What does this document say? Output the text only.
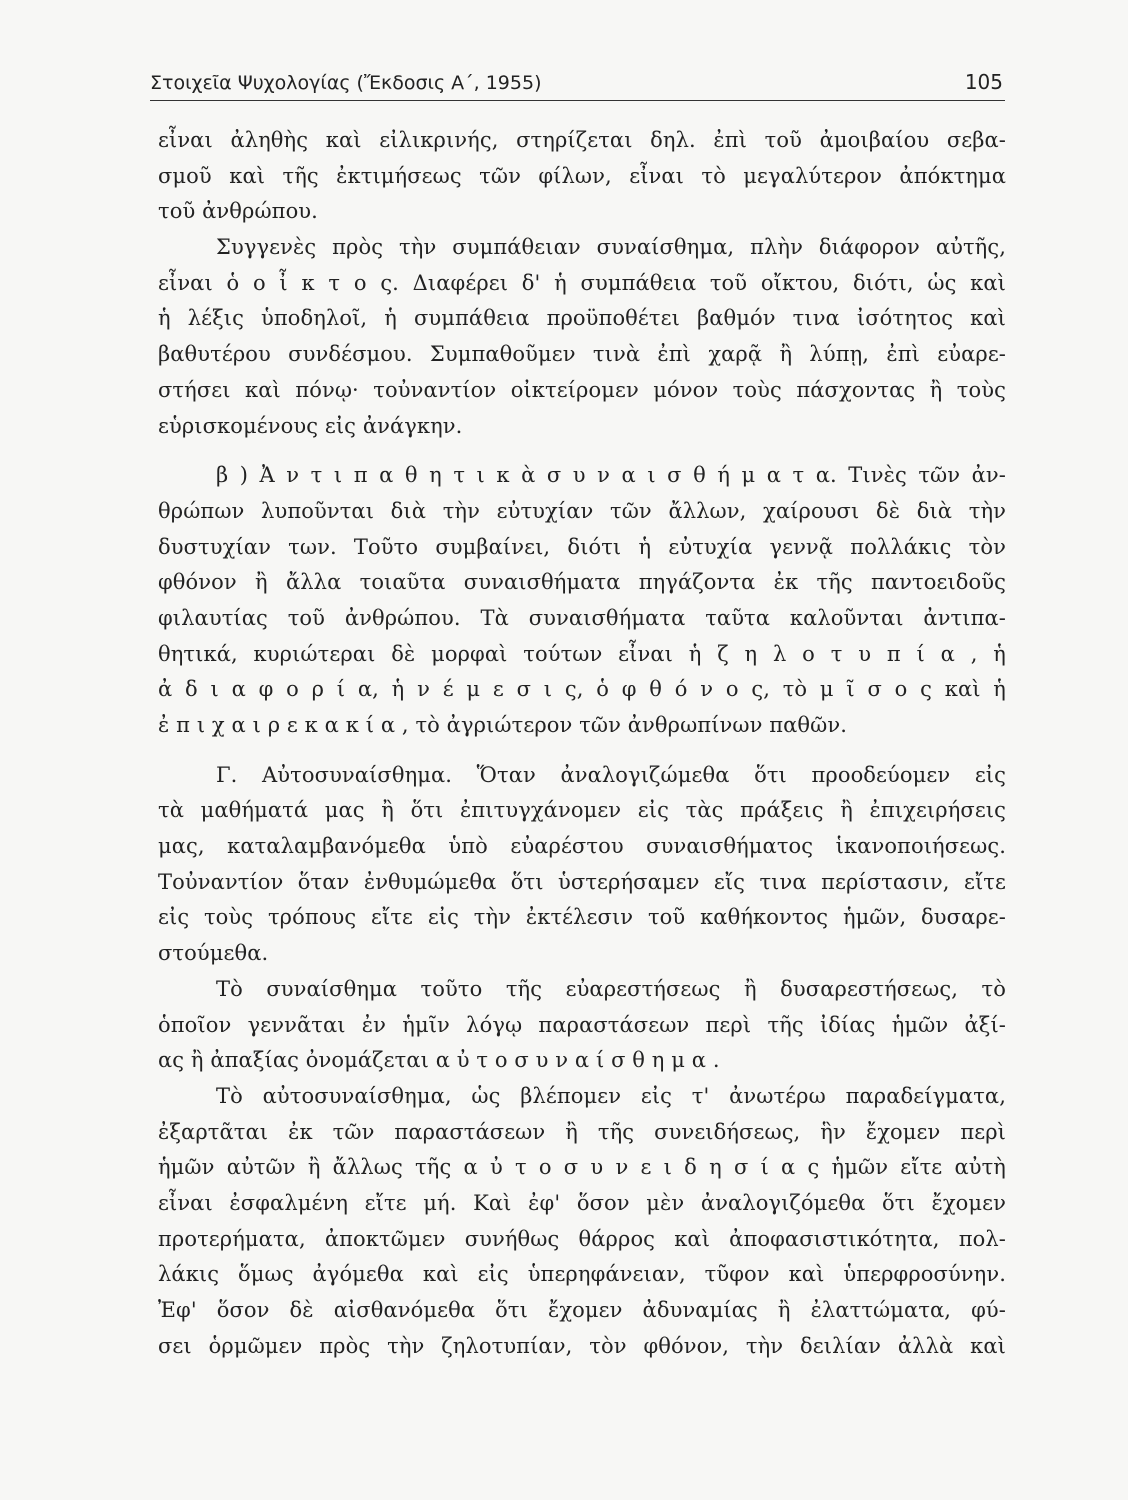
Στοιχεῖα Ψυχολογίας (Ἔκδοσις Α΄, 1955)	105
εἶναι ἀληθὴς καὶ εἰλικρινής, στηρίζεται δηλ. ἐπὶ τοῦ ἀμοιβαίου σεβα-
σμοῦ καὶ τῆς ἐκτιμήσεως τῶν φίλων, εἶναι τὸ μεγαλύτερον ἀπόκτημα
τοῦ ἀνθρώπου.
Συγγενὲς πρὸς τὴν συμπάθειαν συναίσθημα, πλὴν διάφορον αὐτῆς,
εἶναι ὁ ο ἶ κ τ ο ς. Διαφέρει δ' ἡ συμπάθεια τοῦ οἴκτου, διότι, ὡς καὶ
ἡ λέξις ὑποδηλοῖ, ἡ συμπάθεια προϋποθέτει βαθμόν τινα ἰσότητος καὶ
βαθυτέρου συνδέσμου. Συμπαθοῦμεν τινὰ ἐπὶ χαρᾷ ἢ λύπῃ, ἐπὶ εὐαρε-
στήσει καὶ πόνῳ· τοὐναντίον οἰκτείρομεν μόνον τοὺς πάσχοντας ἢ τοὺς
εὑρισκομένους εἰς ἀνάγκην.
β ) Ἀ ν τ ι π α θ η τ ι κ ὰ σ υ ν α ι σ θ ή μ α τ α. Τινὲς τῶν ἀν-
θρώπων λυποῦνται διὰ τὴν εὐτυχίαν τῶν ἄλλων, χαίρουσι δὲ διὰ τὴν
δυστυχίαν των. Τοῦτο συμβαίνει, διότι ἡ εὐτυχία γεννᾷ πολλάκις τὸν
φθόνον ἢ ἄλλα τοιαῦτα συναισθήματα πηγάζοντα ἐκ τῆς παντοειδοῦς
φιλαυτίας τοῦ ἀνθρώπου. Τὰ συναισθήματα ταῦτα καλοῦνται ἀντιπα-
θητικά, κυριώτεραι δὲ μορφαὶ τούτων εἶναι ἡ ζ η λ ο τ υ π ί α , ἡ
ἀ δ ι α φ ο ρ ί α, ἡ ν έ μ ε σ ι ς, ὁ φ θ ό ν ο ς, τὸ μ ῖ σ ο ς καὶ ἡ
ἐ π ι χ α ι ρ ε κ α κ ί α , τὸ ἀγριώτερον τῶν ἀνθρωπίνων παθῶν.
Γ. Αὐτοσυναίσθημα. Ὅταν ἀναλογιζώμεθα ὅτι προοδεύομεν εἰς
τὰ μαθήματά μας ἢ ὅτι ἐπιτυγχάνομεν εἰς τὰς πράξεις ἢ ἐπιχειρήσεις
μας, καταλαμβανόμεθα ὑπὸ εὐαρέστου συναισθήματος ἱκανοποιήσεως.
Τοὐναντίον ὅταν ἐνθυμώμεθα ὅτι ὑστερήσαμεν εἴς τινα περίστασιν, εἴτε
εἰς τοὺς τρόπους εἴτε εἰς τὴν ἐκτέλεσιν τοῦ καθήκοντος ἡμῶν, δυσαρε-
στούμεθα.
Τὸ συναίσθημα τοῦτο τῆς εὐαρεστήσεως ἢ δυσαρεστήσεως, τὸ
ὁποῖον γεννᾶται ἐν ἡμῖν λόγῳ παραστάσεων περὶ τῆς ἰδίας ἡμῶν ἀξί-
ας ἢ ἀπαξίας ὀνομάζεται α ὐ τ ο σ υ ν α ί σ θ η μ α .
Τὸ αὐτοσυναίσθημα, ὡς βλέπομεν εἰς τ' ἀνωτέρω παραδείγματα,
ἐξαρτᾶται ἐκ τῶν παραστάσεων ἢ τῆς συνειδήσεως, ἣν ἔχομεν περὶ
ἡμῶν αὐτῶν ἢ ἄλλως τῆς α ὐ τ ο σ υ ν ε ι δ η σ ί α ς ἡμῶν εἴτε αὐτὴ
εἶναι ἐσφαλμένη εἴτε μή. Καὶ ἐφ' ὅσον μὲν ἀναλογιζόμεθα ὅτι ἔχομεν
προτερήματα, ἀποκτῶμεν συνήθως θάρρος καὶ ἀποφασιστικότητα, πολ-
λάκις ὅμως ἀγόμεθα καὶ εἰς ὑπερηφάνειαν, τῦφον καὶ ὑπερφροσύνην.
Ἐφ' ὅσον δὲ αἰσθανόμεθα ὅτι ἔχομεν ἀδυναμίας ἢ ἐλαττώματα, φύ-
σει ὁρμῶμεν πρὸς τὴν ζηλοτυπίαν, τὸν φθόνον, τὴν δειλίαν ἀλλὰ καὶ
